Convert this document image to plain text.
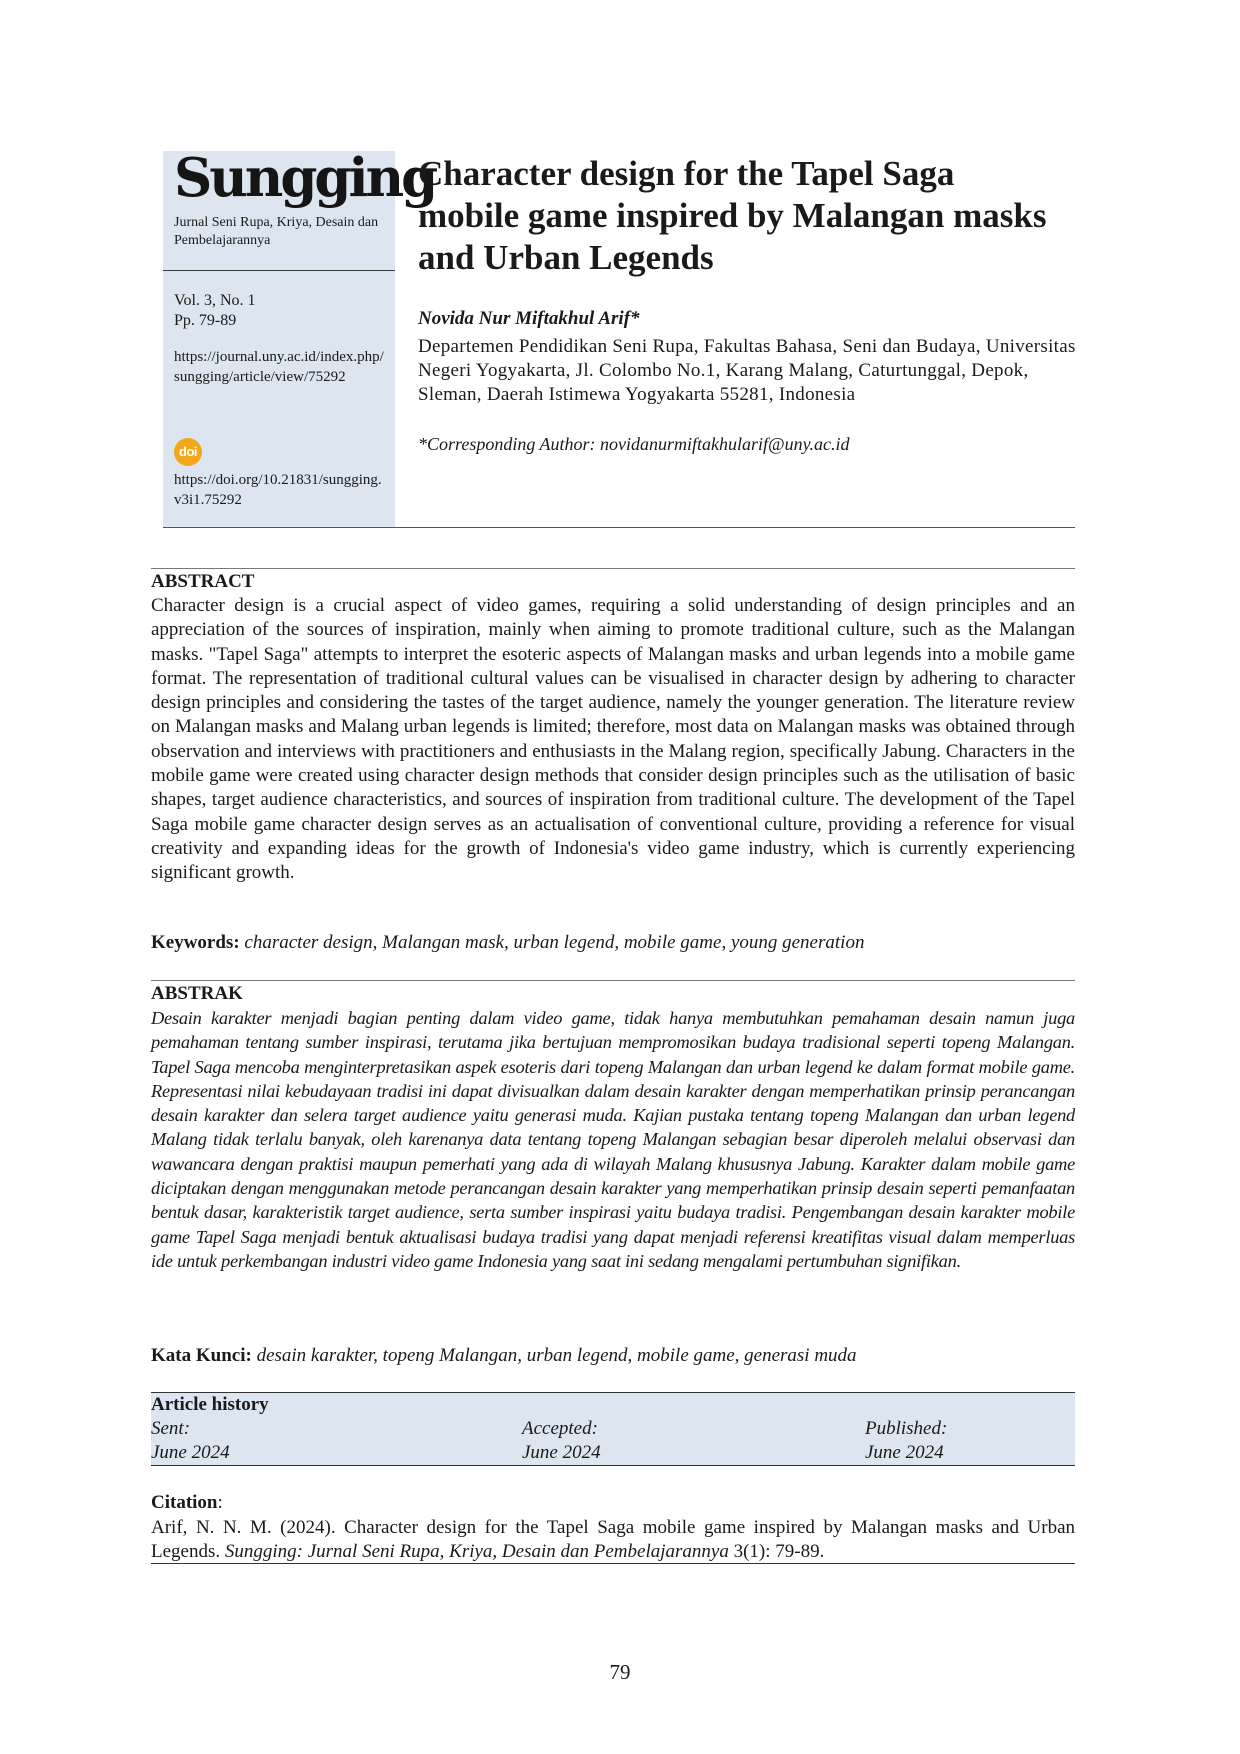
Sungging
Jurnal Seni Rupa, Kriya, Desain dan Pembelajarannya
Vol. 3, No. 1
Pp. 79-89
https://journal.uny.ac.id/index.php/sungging/article/view/75292
doi
https://doi.org/10.21831/sungging.v3i1.75292
Character design for the Tapel Saga mobile game inspired by Malangan masks and Urban Legends
Novida Nur Miftakhul Arif*
Departemen Pendidikan Seni Rupa, Fakultas Bahasa, Seni dan Budaya, Universitas Negeri Yogyakarta, Jl. Colombo No.1, Karang Malang, Caturtunggal, Depok, Sleman, Daerah Istimewa Yogyakarta 55281, Indonesia
*Corresponding Author: novidanurmiftakhularif@uny.ac.id
ABSTRACT

Character design is a crucial aspect of video games, requiring a solid understanding of design principles and an appreciation of the sources of inspiration, mainly when aiming to promote traditional culture, such as the Malangan masks. "Tapel Saga" attempts to interpret the esoteric aspects of Malangan masks and urban legends into a mobile game format. The representation of traditional cultural values can be visualised in character design by adhering to character design principles and considering the tastes of the target audience, namely the younger generation. The literature review on Malangan masks and Malang urban legends is limited; therefore, most data on Malangan masks was obtained through observation and interviews with practitioners and enthusiasts in the Malang region, specifically Jabung. Characters in the mobile game were created using character design methods that consider design principles such as the utilisation of basic shapes, target audience characteristics, and sources of inspiration from traditional culture. The development of the Tapel Saga mobile game character design serves as an actualisation of conventional culture, providing a reference for visual creativity and expanding ideas for the growth of Indonesia's video game industry, which is currently experiencing significant growth.

Keywords: character design, Malangan mask, urban legend, mobile game, young generation
ABSTRAK

Desain karakter menjadi bagian penting dalam video game, tidak hanya membutuhkan pemahaman desain namun juga pemahaman tentang sumber inspirasi, terutama jika bertujuan mempromosikan budaya tradisional seperti topeng Malangan. Tapel Saga mencoba menginterpretasikan aspek esoteris dari topeng Malangan dan urban legend ke dalam format mobile game. Representasi nilai kebudayaan tradisi ini dapat divisualkan dalam desain karakter dengan memperhatikan prinsip perancangan desain karakter dan selera target audience yaitu generasi muda. Kajian pustaka tentang topeng Malangan dan urban legend Malang tidak terlalu banyak, oleh karenanya data tentang topeng Malangan sebagian besar diperoleh melalui observasi dan wawancara dengan praktisi maupun pemerhati yang ada di wilayah Malang khususnya Jabung. Karakter dalam mobile game diciptakan dengan menggunakan metode perancangan desain karakter yang memperhatikan prinsip desain seperti pemanfaatan bentuk dasar, karakteristik target audience, serta sumber inspirasi yaitu budaya tradisi. Pengembangan desain karakter mobile game Tapel Saga menjadi bentuk aktualisasi budaya tradisi yang dapat menjadi referensi kreatifitas visual dalam memperluas ide untuk perkembangan industri video game Indonesia yang saat ini sedang mengalami pertumbuhan signifikan.

Kata Kunci: desain karakter, topeng Malangan, urban legend, mobile game, generasi muda
Article history
Sent:
June 2024
Accepted:
June 2024
Published:
June 2024
Citation:

Arif, N. N. M. (2024). Character design for the Tapel Saga mobile game inspired by Malangan masks and Urban Legends. Sungging: Jurnal Seni Rupa, Kriya, Desain dan Pembelajarannya 3(1): 79-89.

79
